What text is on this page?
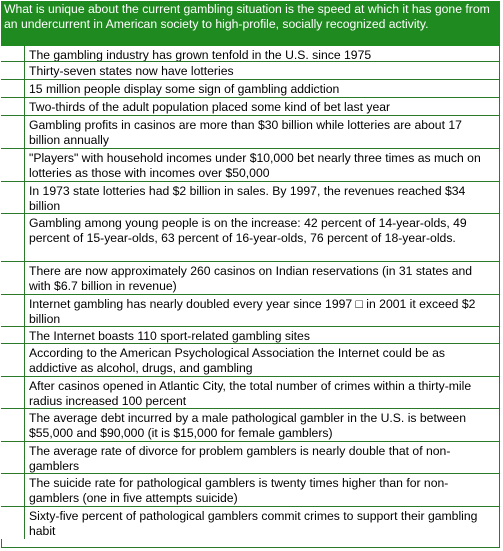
What is unique about the current gambling situation is the speed at which it has gone from an undercurrent in American society to high-profile, socially recognized activity.
The gambling industry has grown tenfold in the U.S. since 1975
Thirty-seven states now have lotteries
15 million people display some sign of gambling addiction
Two-thirds of the adult population placed some kind of bet last year
Gambling profits in casinos are more than $30 billion while lotteries are about 17 billion annually
"Players" with household incomes under $10,000 bet nearly three times as much on lotteries as those with incomes over $50,000
In 1973 state lotteries had $2 billion in sales. By 1997, the revenues reached $34 billion
Gambling among young people is on the increase: 42 percent of 14-year-olds, 49 percent of 15-year-olds, 63 percent of 16-year-olds, 76 percent of 18-year-olds.
There are now approximately 260 casinos on Indian reservations (in 31 states and with $6.7 billion in revenue)
Internet gambling has nearly doubled every year since 1997 □ in 2001 it exceed $2 billion
The Internet boasts 110 sport-related gambling sites
According to the American Psychological Association the Internet could be as addictive as alcohol, drugs, and gambling
After casinos opened in Atlantic City, the total number of crimes within a thirty-mile radius increased 100 percent
The average debt incurred by a male pathological gambler in the U.S. is between $55,000 and $90,000 (it is $15,000 for female gamblers)
The average rate of divorce for problem gamblers is nearly double that of non-gamblers
The suicide rate for pathological gamblers is twenty times higher than for non-gamblers (one in five attempts suicide)
Sixty-five percent of pathological gamblers commit crimes to support their gambling habit
